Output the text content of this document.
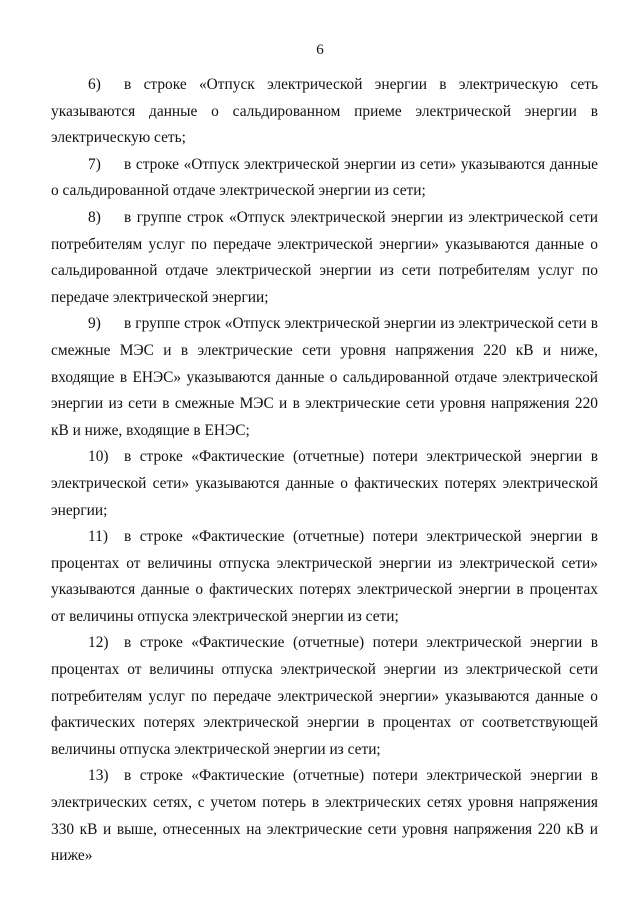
6

6) в строке «Отпуск электрической энергии в электрическую сеть указываются данные о сальдированном приеме электрической энергии в электрическую сеть;

7) в строке «Отпуск электрической энергии из сети» указываются данные о сальдированной отдаче электрической энергии из сети;

8) в группе строк «Отпуск электрической энергии из электрической сети потребителям услуг по передаче электрической энергии» указываются данные о сальдированной отдаче электрической энергии из сети потребителям услуг по передаче электрической энергии;

9) в группе строк «Отпуск электрической энергии из электрической сети в смежные МЭС и в электрические сети уровня напряжения 220 кВ и ниже, входящие в ЕНЭС» указываются данные о сальдированной отдаче электрической энергии из сети в смежные МЭС и в электрические сети уровня напряжения 220 кВ и ниже, входящие в ЕНЭС;

10) в строке «Фактические (отчетные) потери электрической энергии в электрической сети» указываются данные о фактических потерях электрической энергии;

11) в строке «Фактические (отчетные) потери электрической энергии в процентах от величины отпуска электрической энергии из электрической сети» указываются данные о фактических потерях электрической энергии в процентах от величины отпуска электрической энергии из сети;

12) в строке «Фактические (отчетные) потери электрической энергии в процентах от величины отпуска электрической энергии из электрической сети потребителям услуг по передаче электрической энергии» указываются данные о фактических потерях электрической энергии в процентах от соответствующей величины отпуска электрической энергии из сети;

13) в строке «Фактические (отчетные) потери электрической энергии в электрических сетях, с учетом потерь в электрических сетях уровня напряжения 330 кВ и выше, отнесенных на электрические сети уровня напряжения 220 кВ и ниже»
